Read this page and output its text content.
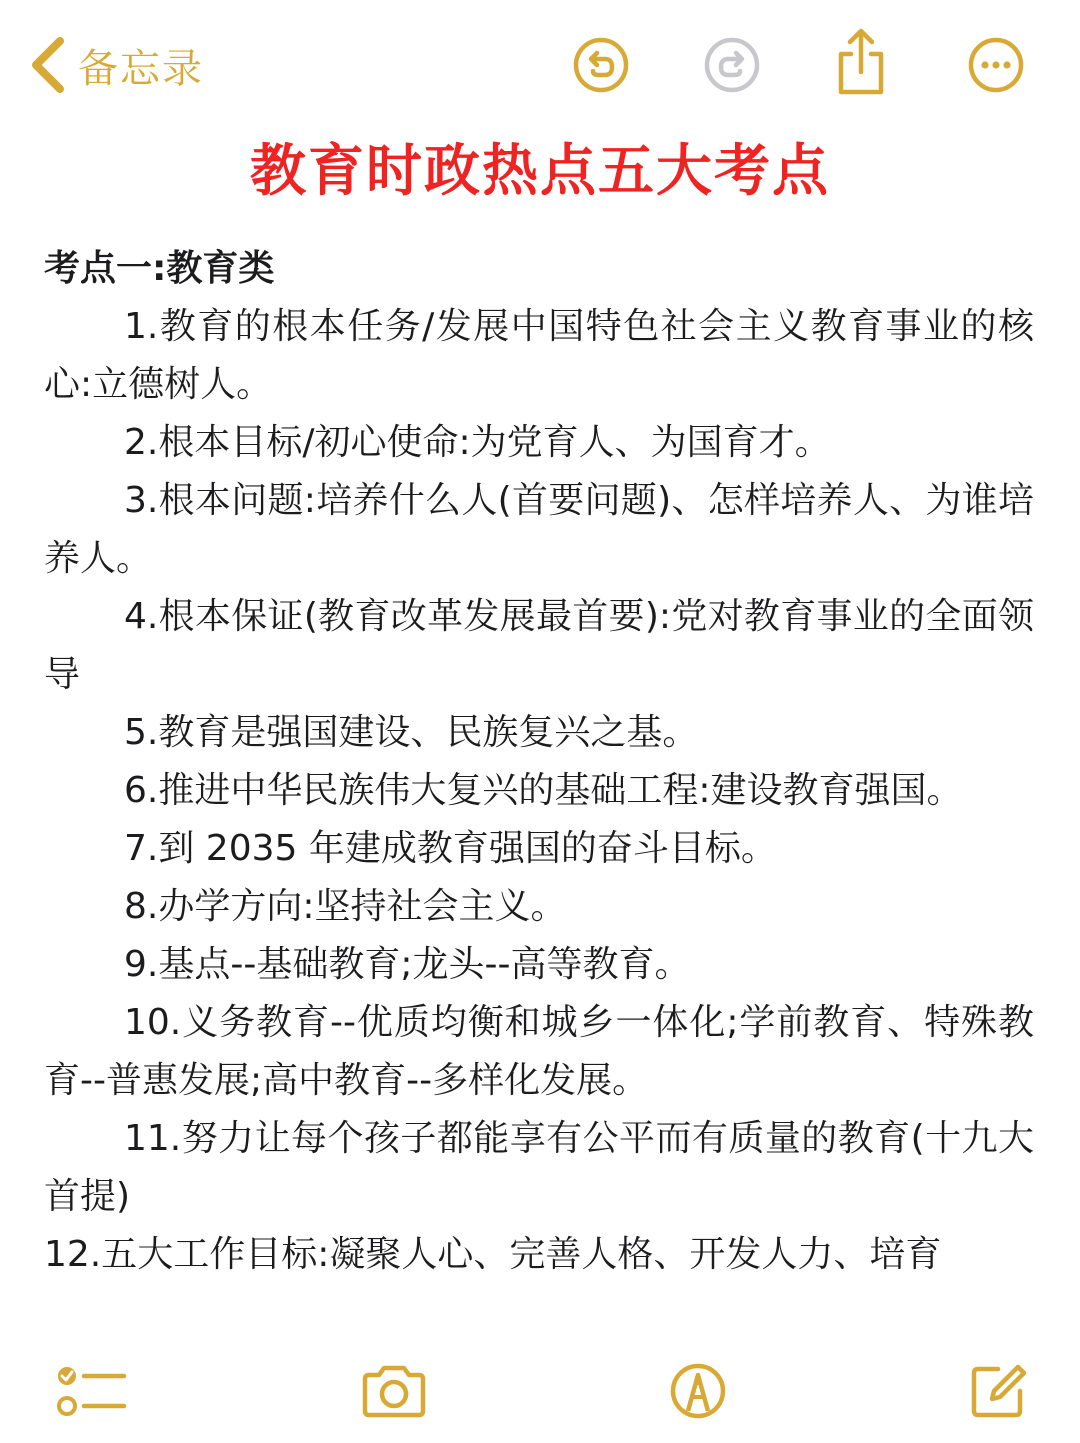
备忘录
教育时政热点五大考点

考点一:教育类

1.教育的根本任务/发展中国特色社会主义教育事业的核心:立德树人。

2.根本目标/初心使命:为党育人、为国育才。

3.根本问题:培养什么人(首要问题)、怎样培养人、为谁培养人。

4.根本保证(教育改革发展最首要):党对教育事业的全面领导

5.教育是强国建设、民族复兴之基。

6.推进中华民族伟大复兴的基础工程:建设教育强国。

7.到 2035 年建成教育强国的奋斗目标。

8.办学方向:坚持社会主义。

9.基点--基础教育;龙头--高等教育。

10.义务教育--优质均衡和城乡一体化;学前教育、特殊教育--普惠发展;高中教育--多样化发展。

11.努力让每个孩子都能享有公平而有质量的教育(十九大首提)

12.五大工作目标:凝聚人心、完善人格、开发人力、培育
